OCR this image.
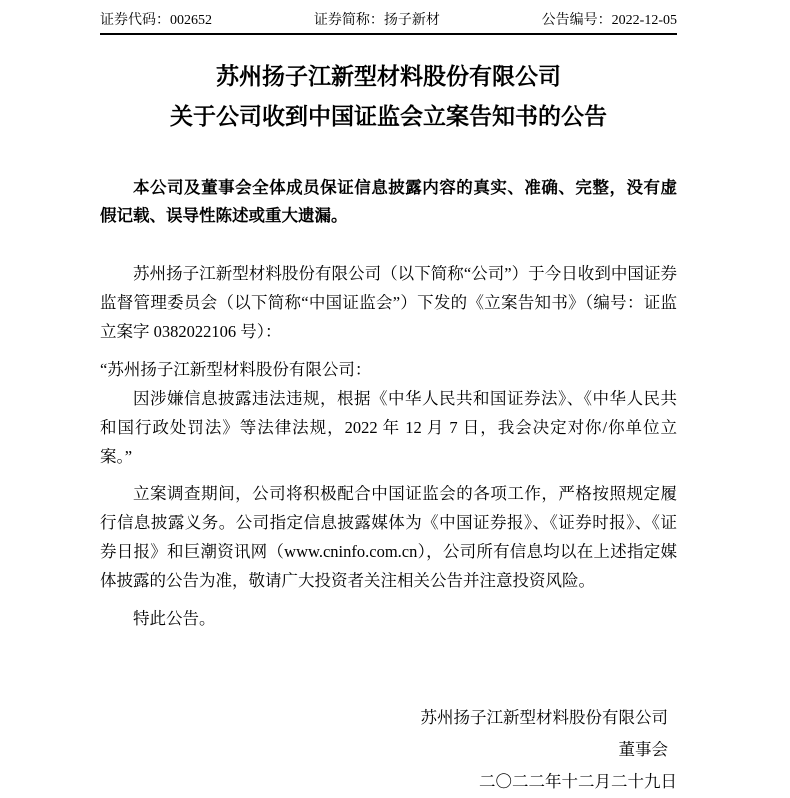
证券代码：002652	证券简称：扬子新材	公告编号：2022-12-05
苏州扬子江新型材料股份有限公司
关于公司收到中国证监会立案告知书的公告

本公司及董事会全体成员保证信息披露内容的真实、准确、完整，没有虚假记载、误导性陈述或重大遗漏。

苏州扬子江新型材料股份有限公司（以下简称“公司”）于今日收到中国证券监督管理委员会（以下简称“中国证监会”）下发的《立案告知书》（编号：证监立案字 0382022106 号）：

“苏州扬子江新型材料股份有限公司：

因涉嫌信息披露违法违规，根据《中华人民共和国证券法》、《中华人民共和国行政处罚法》等法律法规，2022 年 12 月 7 日，我会决定对你/你单位立案。”

立案调查期间，公司将积极配合中国证监会的各项工作，严格按照规定履行信息披露义务。公司指定信息披露媒体为《中国证券报》、《证券时报》、《证券日报》和巨潮资讯网（www.cninfo.com.cn），公司所有信息均以在上述指定媒体披露的公告为准，敬请广大投资者关注相关公告并注意投资风险。

特此公告。

苏州扬子江新型材料股份有限公司
董事会
二〇二二年十二月二十九日
